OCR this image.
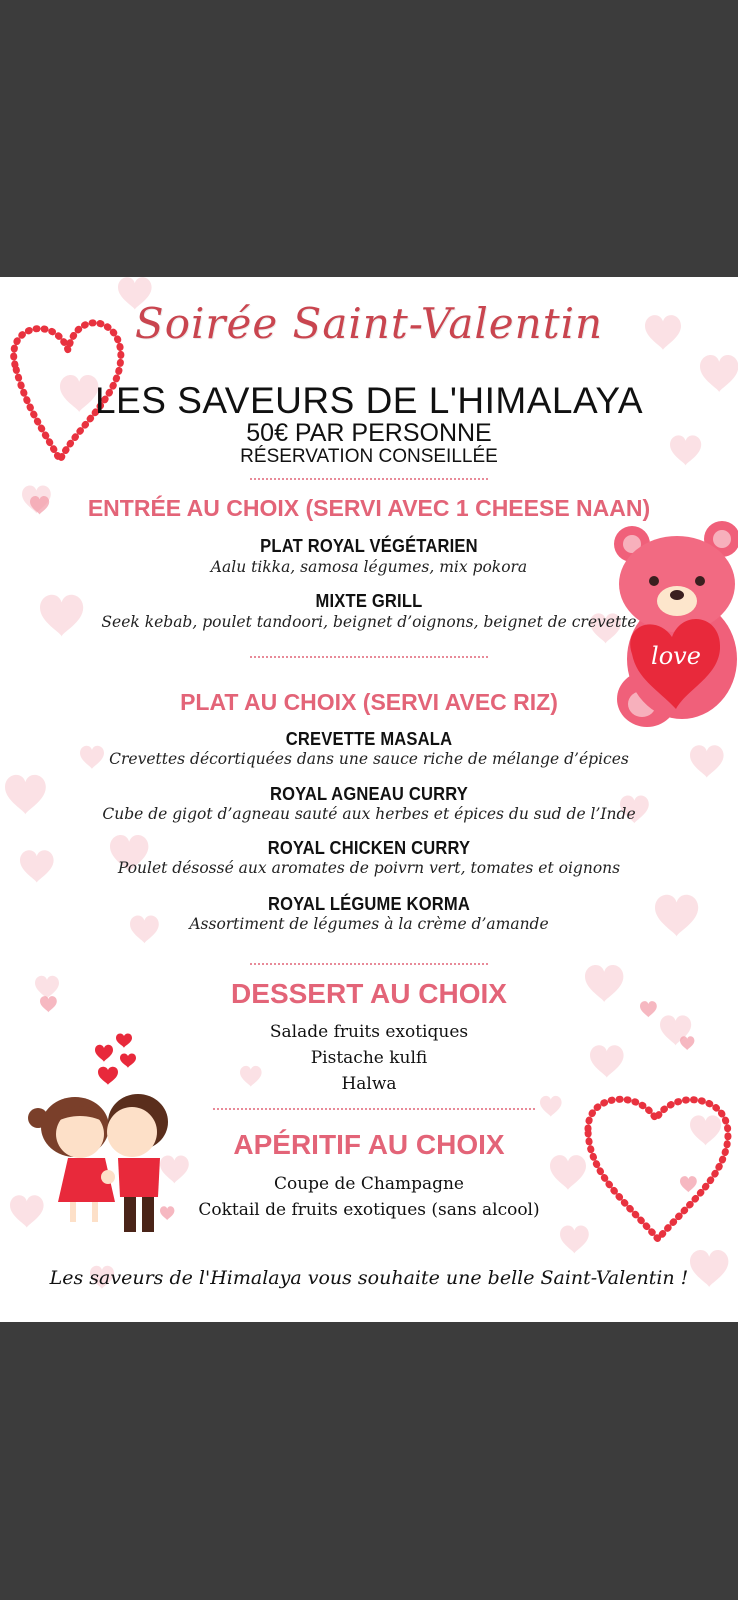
love
Soirée Saint-Valentin
LES SAVEURS DE L'HIMALAYA
50€ PAR PERSONNE
RÉSERVATION CONSEILLÉE
ENTRÉE AU CHOIX (SERVI AVEC 1 CHEESE NAAN)
PLAT ROYAL VÉGÉTARIEN
Aalu tikka, samosa légumes, mix pokora
MIXTE GRILL
Seek kebab, poulet tandoori, beignet d’oignons, beignet de crevette
PLAT AU CHOIX (SERVI AVEC RIZ)
CREVETTE MASALA
Crevettes décortiquées dans une sauce riche de mélange d’épices
ROYAL AGNEAU CURRY
Cube de gigot d’agneau sauté aux herbes et épices du sud de l’Inde
ROYAL CHICKEN CURRY
Poulet désossé aux aromates de poivrn vert, tomates et oignons
ROYAL LÉGUME KORMA
Assortiment de légumes à la crème d’amande
DESSERT AU CHOIX
Salade fruits exotiques
Pistache kulfi
Halwa
APÉRITIF AU CHOIX
Coupe de Champagne
Coktail de fruits exotiques (sans alcool)
Les saveurs de l'Himalaya vous souhaite une belle Saint-Valentin !
